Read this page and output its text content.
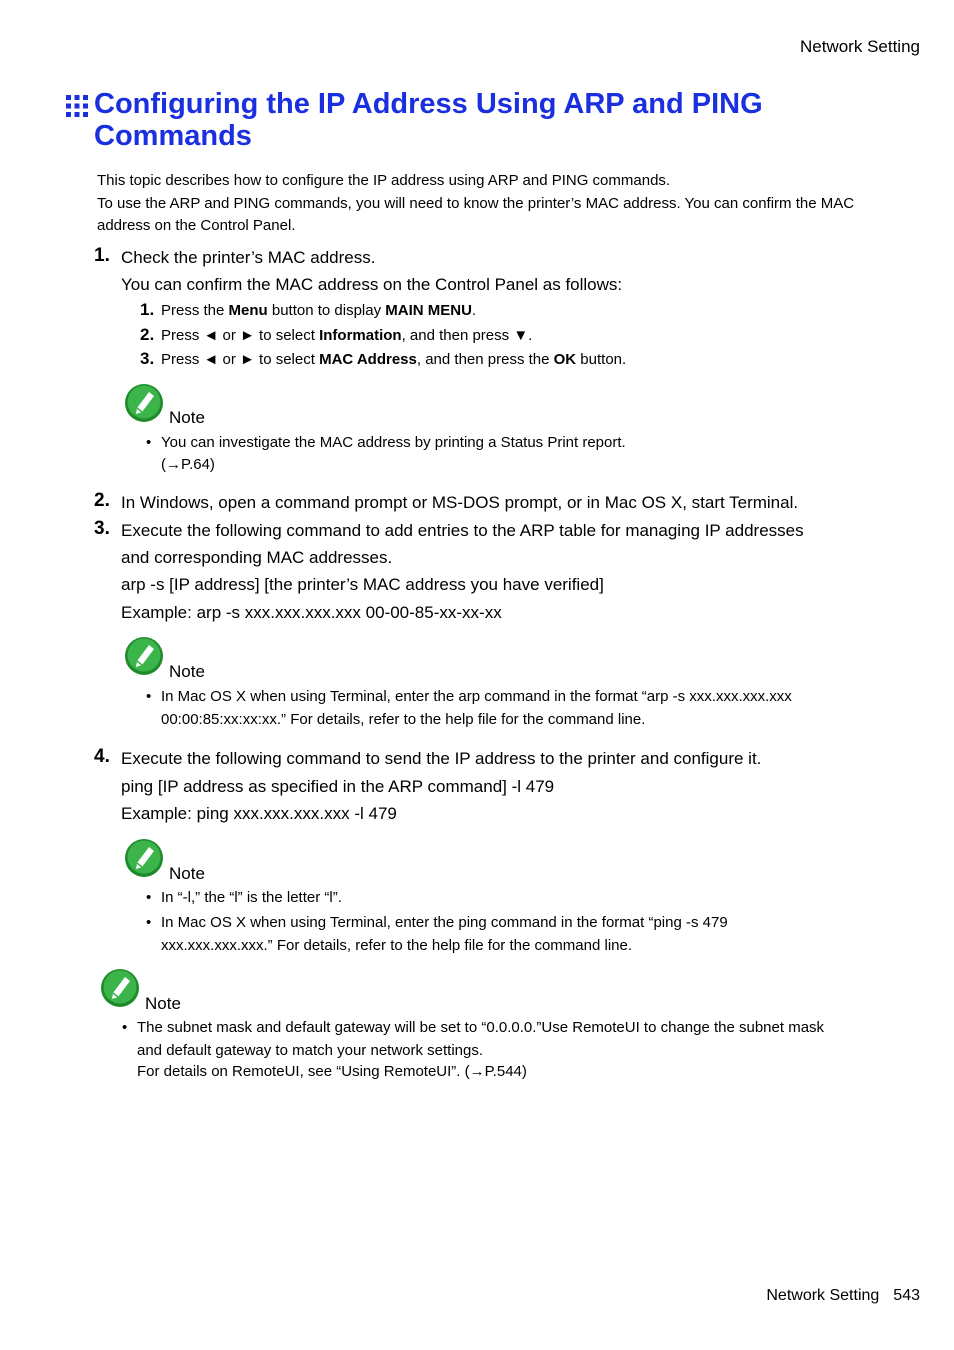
Network Setting
Configuring the IP Address Using ARP and PING Commands

This topic describes how to configure the IP address using ARP and PING commands.

To use the ARP and PING commands, you will need to know the printer’s MAC address. You can confirm the MAC address on the Control Panel.

1. Check the printer’s MAC address.
You can confirm the MAC address on the Control Panel as follows:
1. Press the Menu button to display MAIN MENU.
2. Press ◄ or ► to select Information, and then press ▼.
3. Press ◄ or ► to select MAC Address, and then press the OK button.
Note
• You can investigate the MAC address by printing a Status Print report.
(→P.64)
2. In Windows, open a command prompt or MS-DOS prompt, or in Mac OS X, start Terminal.
3. Execute the following command to add entries to the ARP table for managing IP addresses
and corresponding MAC addresses.
arp -s [IP address] [the printer’s MAC address you have verified]
Example: arp -s xxx.xxx.xxx.xxx 00-00-85-xx-xx-xx
Note
• In Mac OS X when using Terminal, enter the arp command in the format “arp -s xxx.xxx.xxx.xxx
00:00:85:xx:xx:xx.” For details, refer to the help file for the command line.
4. Execute the following command to send the IP address to the printer and configure it.
ping [IP address as specified in the ARP command] -l 479
Example: ping xxx.xxx.xxx.xxx -l 479
Note
• In “-l,” the “l” is the letter “l”.
• In Mac OS X when using Terminal, enter the ping command in the format “ping -s 479
xxx.xxx.xxx.xxx.” For details, refer to the help file for the command line.
Note
• The subnet mask and default gateway will be set to “0.0.0.0.”Use RemoteUI to change the subnet mask
and default gateway to match your network settings.
For details on RemoteUI, see “Using RemoteUI”. (→P.544)
Network Setting 543
